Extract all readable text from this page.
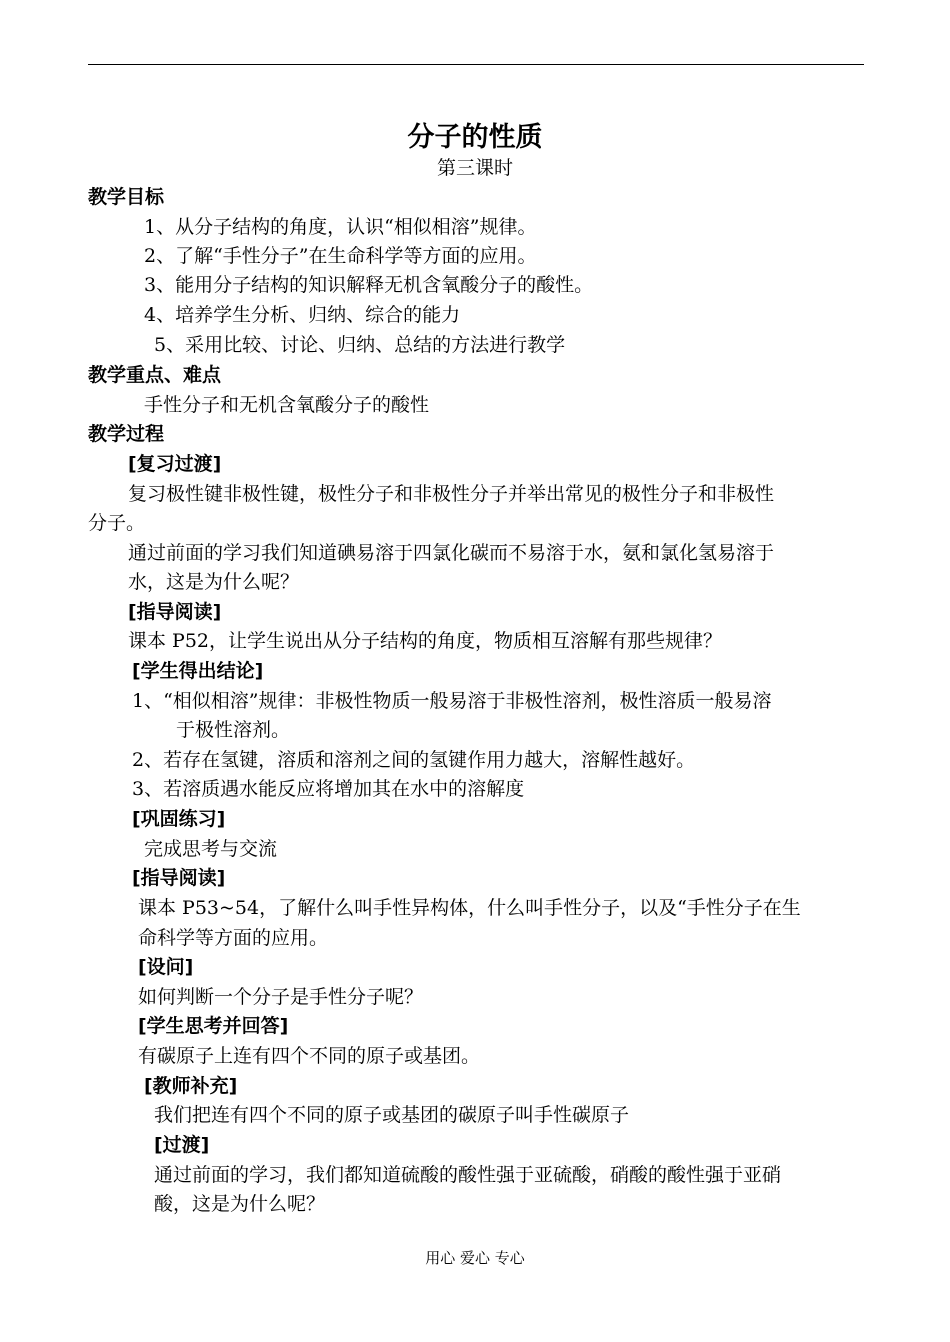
分子的性质
第三课时
教学目标
1、从分子结构的角度，认识“相似相溶”规律。
2、了解“手性分子”在生命科学等方面的应用。
3、能用分子结构的知识解释无机含氧酸分子的酸性。
4、培养学生分析、归纳、综合的能力
5、采用比较、讨论、归纳、总结的方法进行教学
教学重点、难点
手性分子和无机含氧酸分子的酸性
教学过程
[复习过渡]
复习极性键非极性键，极性分子和非极性分子并举出常见的极性分子和非极性
分子。
通过前面的学习我们知道碘易溶于四氯化碳而不易溶于水，氨和氯化氢易溶于
水，这是为什么呢？
[指导阅读]
课本 P52，让学生说出从分子结构的角度，物质相互溶解有那些规律？
[学生得出结论]
1、“相似相溶”规律：非极性物质一般易溶于非极性溶剂，极性溶质一般易溶
于极性溶剂。
2、若存在氢键，溶质和溶剂之间的氢键作用力越大，溶解性越好。
3、若溶质遇水能反应将增加其在水中的溶解度
[巩固练习]
完成思考与交流
[指导阅读]
课本 P53~54，了解什么叫手性异构体，什么叫手性分子，以及“手性分子在生
命科学等方面的应用。
[设问]
如何判断一个分子是手性分子呢？
[学生思考并回答]
有碳原子上连有四个不同的原子或基团。
[教师补充]
我们把连有四个不同的原子或基团的碳原子叫手性碳原子
[过渡]
通过前面的学习，我们都知道硫酸的酸性强于亚硫酸，硝酸的酸性强于亚硝
酸，这是为什么呢？
用心 爱心 专心
